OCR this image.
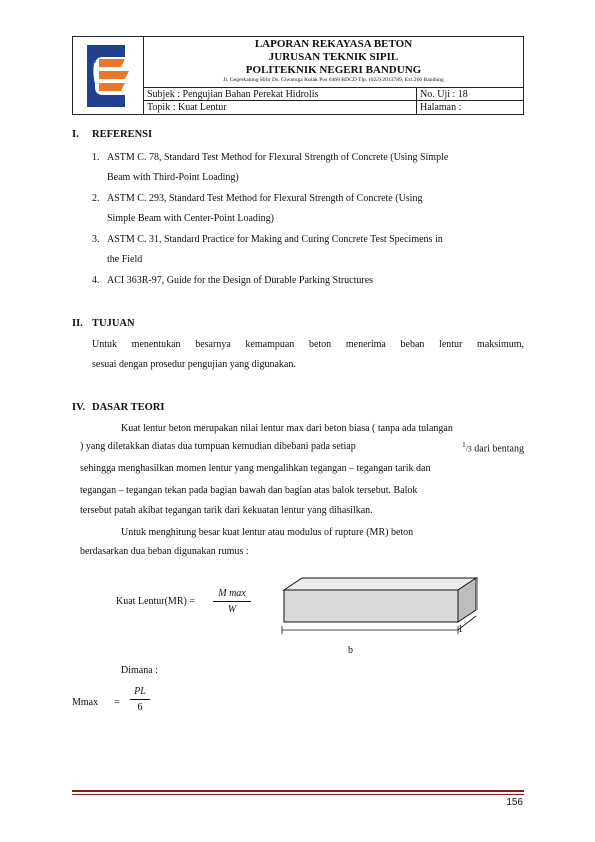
LAPORAN REKAYASA BETON
JURUSAN TEKNIK SIPIL
POLITEKNIK NEGERI BANDUNG
Jl. Gegerkalong Hilir Ds. Ciwaruga Kotak Pos 6468 BDCD Tlp. (022) 2013789, Ext.266 Bandung
Subjek : Pengujian Bahan Perekat Hidrolis	No. Uji : 18
Topik : Kuat Lentur	Halaman :
I. REFERENSI
1. ASTM C. 78, Standard Test Method for Flexural Strength of Concrete (Using Simple
Beam with Third-Point Loading)
2. ASTM C. 293, Standard Test Method for Flexural Strength of Concrete (Using
Simple Beam with Center-Point Loading)
3. ASTM C. 31, Standard Practice for Making and Curing Concrete Test Specimens in
the Field
4. ACI 363R-97, Guide for the Design of Durable Parking Structures
II. TUJUAN
Untuk menentukan besarnya kemampuan beton menerima beban lentur maksimum,
sesuai dengan prosedur pengujian yang digunakan.
IV. DASAR TEORI
Kuat lentur beton merupakan nilai lentur max dari beton biasa ( tanpa ada tulangan
) yang diletakkan diatas dua tumpuan kemudian dibebani pada setiap	$^1$/3 dari bentang
sehingga menghasilkan momen lentur yang mengalihkan tegangan – tegangan tarik dan
tegangan – tegangan tekan pada bagian bawah dan bagian atas balok tersebut. Balok
tersebut patah akibat tegangan tarik dari kekuatan lentur yang dihasilkan.
Untuk menghitung besar kuat lentur atau modulus of rupture (MR) beton
berdasarkan dua beban digunakan rumus :
Kuat Lentur(MR) =
M max
W
1
b
Dimana :
Mmax =
PL
6
156
